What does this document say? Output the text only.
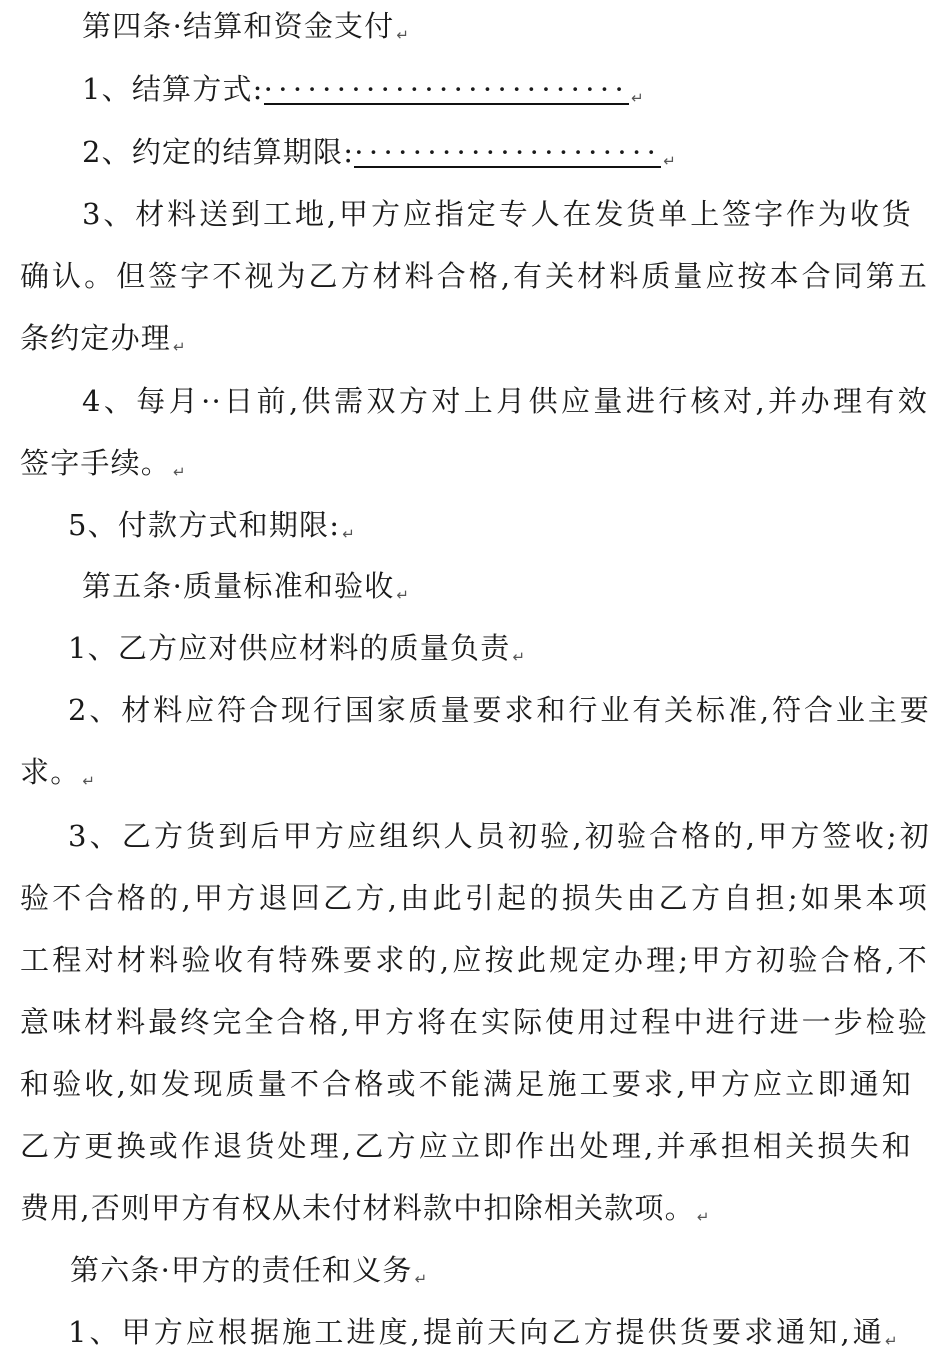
第四条·结算和资金支付 ↵
1、结算方式:························· ↵
2、约定的结算期限:····················· ↵
3、材料送到工地,甲方应指定专人在发货单上签字作为收货
确认。但签字不视为乙方材料合格,有关材料质量应按本合同第五
条约定办理 ↵
4、每月··日前,供需双方对上月供应量进行核对,并办理有效
签字手续。 ↵
5、付款方式和期限: ↵
第五条·质量标准和验收 ↵
1、乙方应对供应材料的质量负责 ↵
2、材料应符合现行国家质量要求和行业有关标准,符合业主要
求。 ↵
3、乙方货到后甲方应组织人员初验,初验合格的,甲方签收;初
验不合格的,甲方退回乙方,由此引起的损失由乙方自担;如果本项
工程对材料验收有特殊要求的,应按此规定办理;甲方初验合格,不
意味材料最终完全合格,甲方将在实际使用过程中进行进一步检验
和验收,如发现质量不合格或不能满足施工要求,甲方应立即通知
乙方更换或作退货处理,乙方应立即作出处理,并承担相关损失和
费用,否则甲方有权从未付材料款中扣除相关款项。 ↵
第六条·甲方的责任和义务 ↵
1、甲方应根据施工进度,提前天向乙方提供货要求通知,通 ↵
